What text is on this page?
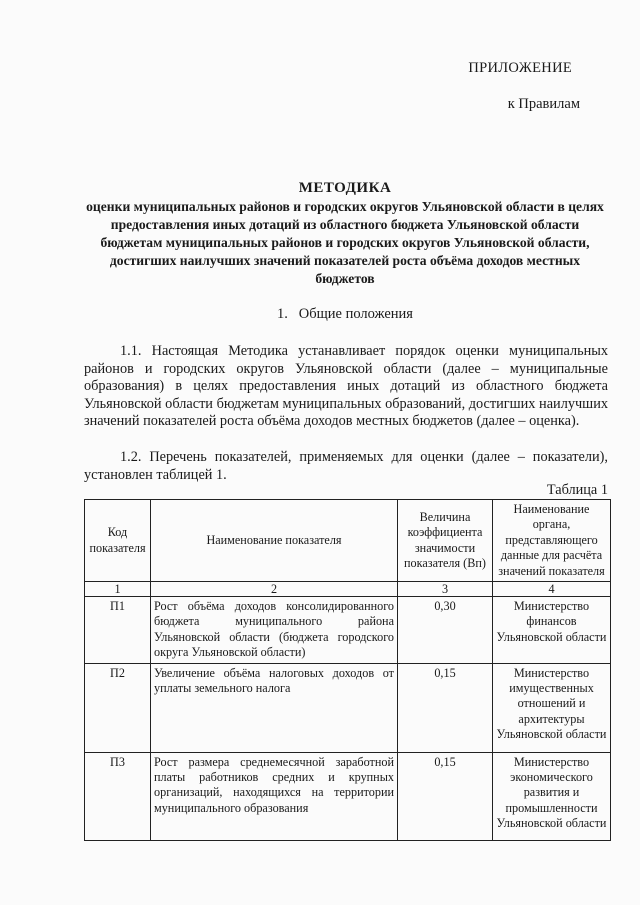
ПРИЛОЖЕНИЕ
к Правилам
МЕТОДИКА
оценки муниципальных районов и городских округов Ульяновской области в целях предоставления иных дотаций из областного бюджета Ульяновской области бюджетам муниципальных районов и городских округов Ульяновской области, достигших наилучших значений показателей роста объёма доходов местных бюджетов
1.   Общие положения
1.1. Настоящая Методика устанавливает порядок оценки муниципальных районов и городских округов Ульяновской области (далее – муниципальные образования) в целях предоставления иных дотаций из областного бюджета Ульяновской области бюджетам муниципальных образований, достигших наилучших значений показателей роста объёма доходов местных бюджетов (далее – оценка).
1.2. Перечень показателей, применяемых для оценки (далее – показатели), установлен таблицей 1.
Таблица 1
Код показателя	Наименование показателя	Величина коэффициента значимости показателя (Bп)	Наименование органа, представляющего данные для расчёта значений показателя
1	2	3	4
П1	Рост объёма доходов консолидированного бюджета муниципального района Ульяновской области (бюджета городского округа Ульяновской области)	0,30	Министерство финансов Ульяновской области
П2	Увеличение объёма налоговых доходов от уплаты земельного налога	0,15	Министерство имущественных отношений и архитектуры Ульяновской области
П3	Рост размера среднемесячной заработной платы работников средних и крупных организаций, находящихся на территории муниципального образования	0,15	Министерство экономического развития и промышленности Ульяновской области
